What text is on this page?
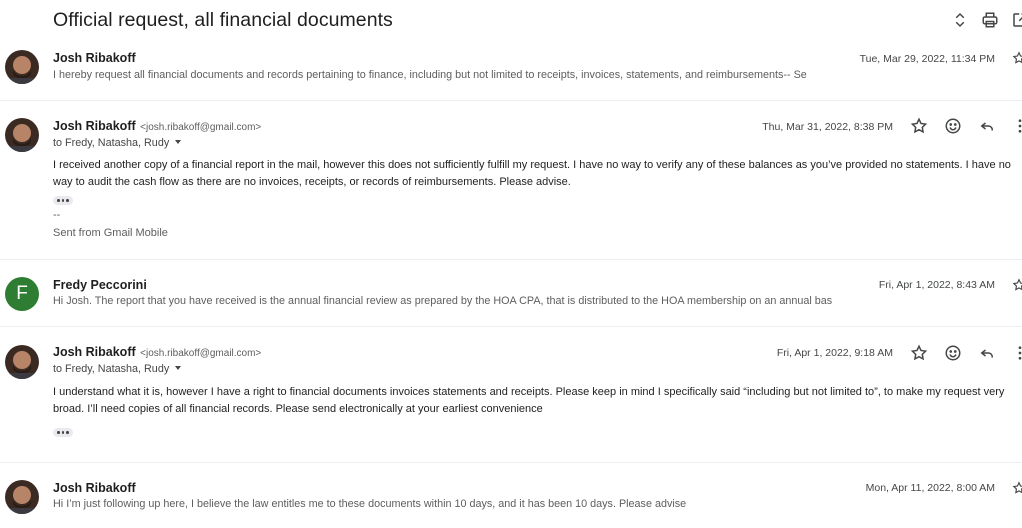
Official request, all financial documents
Josh Ribakoff
I hereby request all financial documents and records pertaining to finance, including but not limited to receipts, invoices, statements, and reimbursements-- Se
Tue, Mar 29, 2022, 11:34 PM
Josh Ribakoff <josh.ribakoff@gmail.com>
to Fredy, Natasha, Rudy
Thu, Mar 31, 2022, 8:38 PM
I received another copy of a financial report in the mail, however this does not sufficiently fulfill my request. I have no way to verify any of these balances as you’ve provided no statements. I have no way to audit the cash flow as there are no invoices, receipts, or records of reimbursements. Please advise.
--
Sent from Gmail Mobile
F	Fredy Peccorini
Hi Josh. The report that you have received is the annual financial review as prepared by the HOA CPA, that is distributed to the HOA membership on an annual bas
Fri, Apr 1, 2022, 8:43 AM
Josh Ribakoff <josh.ribakoff@gmail.com>
to Fredy, Natasha, Rudy
Fri, Apr 1, 2022, 9:18 AM
I understand what it is, however I have a right to financial documents invoices statements and receipts. Please keep in mind I specifically said “including but not limited to”, to make my request very broad. I’ll need copies of all financial records. Please send electronically at your earliest convenience
Josh Ribakoff
Hi I’m just following up here, I believe the law entitles me to these documents within 10 days, and it has been 10 days. Please advise
Mon, Apr 11, 2022, 8:00 AM
